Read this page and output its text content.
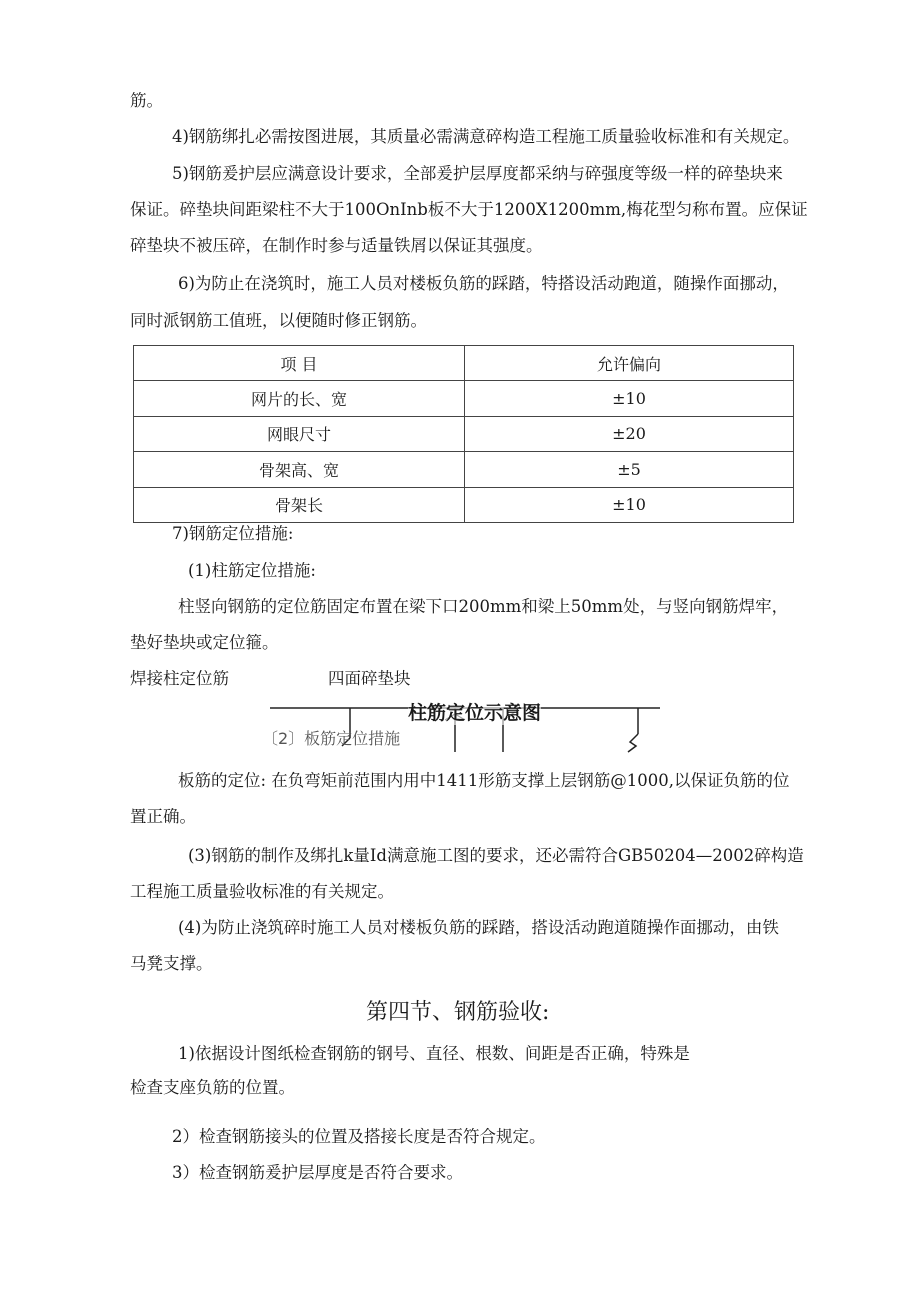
筋。
4)钢筋绑扎必需按图进展，其质量必需满意碎构造工程施工质量验收标准和有关规定。
5)钢筋爰护层应满意设计要求，全部爰护层厚度都采纳与碎强度等级一样的碎垫块来
保证。碎垫块间距梁柱不大于100OnInb板不大于1200X1200mm,梅花型匀称布置。应保证
碎垫块不被压碎，在制作时参与适量铁屑以保证其强度。
6)为防止在浇筑时，施工人员对楼板负筋的踩踏，特搭设活动跑道，随操作面挪动，
同时派钢筋工值班，以便随时修正钢筋。
项 目	允许偏向
网片的长、宽	±10
网眼尺寸	±20
骨架高、宽	±5
骨架长	±10
7)钢筋定位措施:
(1)柱筋定位措施:
柱竖向钢筋的定位筋固定布置在梁下口200mm和梁上50mm处，与竖向钢筋焊牢，
垫好垫块或定位箍。
焊接柱定位筋	四面碎垫块
柱筋定位示意图
〔2〕板筋定位措施
板筋的定位: 在负弯矩前范围内用中1411形筋支撑上层钢筋@1000,以保证负筋的位
置正确。
(3)钢筋的制作及绑扎k量Id满意施工图的要求，还必需符合GB50204—2002碎构造
工程施工质量验收标准的有关规定。
(4)为防止浇筑碎时施工人员对楼板负筋的踩踏，搭设活动跑道随操作面挪动，由铁
马凳支撑。
第四节、钢筋验收:
1)依据设计图纸检查钢筋的钢号、直径、根数、间距是否正确，特殊是
检查支座负筋的位置。
2）检查钢筋接头的位置及搭接长度是否符合规定。
3）检查钢筋爰护层厚度是否符合要求。
